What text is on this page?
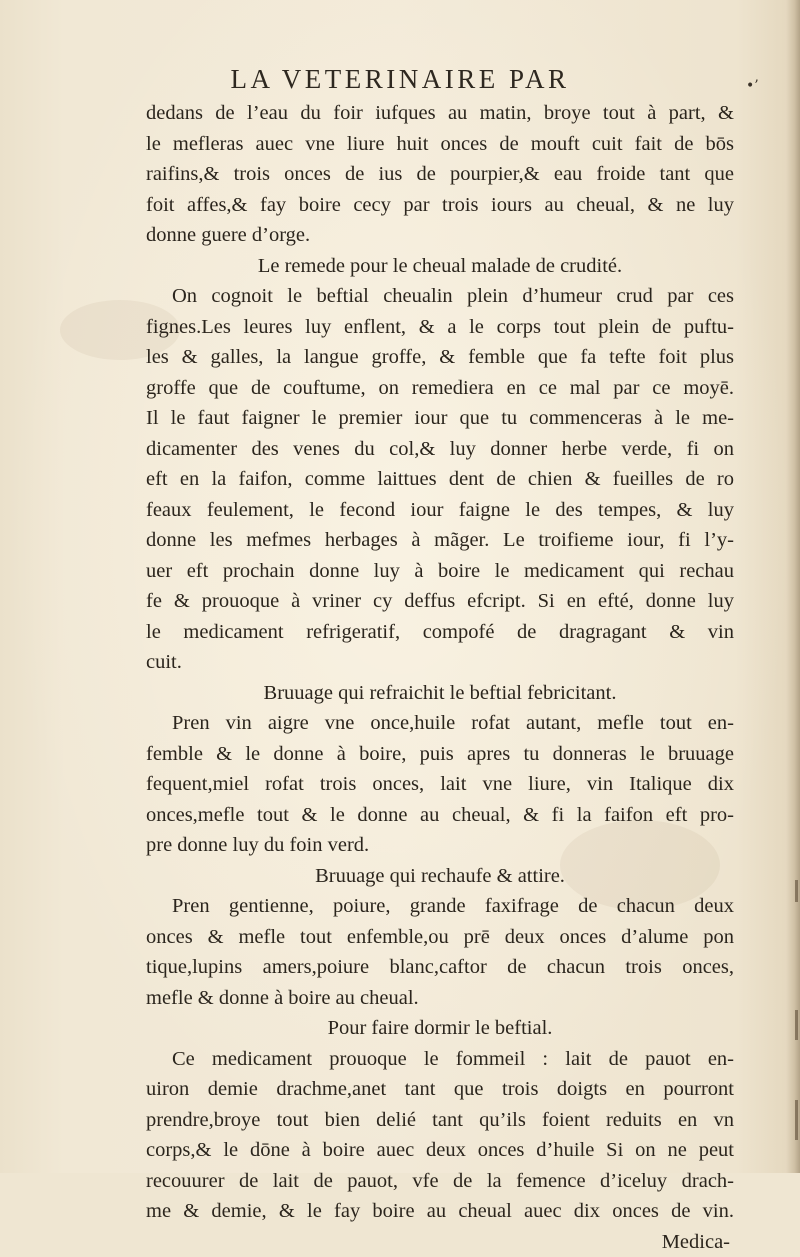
LA VETERINAIRE PAR	•’
dedans de l’eau du foir iufques au matin, broye tout à part, &
le mefleras auec vne liure huit onces de mouft cuit fait de bōs
raifins,& trois onces de ius de pourpier,& eau froide tant que
foit affes,& fay boire cecy par trois iours au cheual, & ne luy
donne guere d’orge.
Le remede pour le cheual malade de crudité.
On cognoit le beftial cheualin plein d’humeur crud par ces
fignes.Les leures luy enflent, & a le corps tout plein de puftu-
les & galles, la langue groffe, & femble que fa tefte foit plus
groffe que de couftume, on remediera en ce mal par ce moyē.
Il le faut faigner le premier iour que tu commenceras à le me-
dicamenter des venes du col,& luy donner herbe verde, fi on
eft en la faifon, comme laittues dent de chien & fueilles de ro
feaux feulement, le fecond iour faigne le des tempes, & luy
donne les mefmes herbages à mãger. Le troifieme iour, fi l’y-
uer eft prochain donne luy à boire le medicament qui rechau
fe & prouoque à vriner cy deffus efcript. Si en efté, donne luy
le medicament refrigeratif, compofé de dragragant & vin
cuit.
Bruuage qui refraichit le beftial febricitant.
Pren vin aigre vne once,huile rofat autant, mefle tout en-
femble & le donne à boire, puis apres tu donneras le bruuage
fequent,miel rofat trois onces, lait vne liure, vin Italique dix
onces,mefle tout & le donne au cheual, & fi la faifon eft pro-
pre donne luy du foin verd.
Bruuage qui rechaufe & attire.
Pren gentienne, poiure, grande faxifrage de chacun deux
onces & mefle tout enfemble,ou prē deux onces d’alume pon
tique,lupins amers,poiure blanc,caftor de chacun trois onces,
mefle & donne à boire au cheual.
Pour faire dormir le beftial.
Ce medicament prouoque le fommeil : lait de pauot en-
uiron demie drachme,anet tant que trois doigts en pourront
prendre,broye tout bien delié tant qu’ils foient reduits en vn
corps,& le dōne à boire auec deux onces d’huile Si on ne peut
recouurer de lait de pauot, vfe de la femence d’iceluy drach-
me & demie, & le fay boire au cheual auec dix onces de vin.
Medica-
